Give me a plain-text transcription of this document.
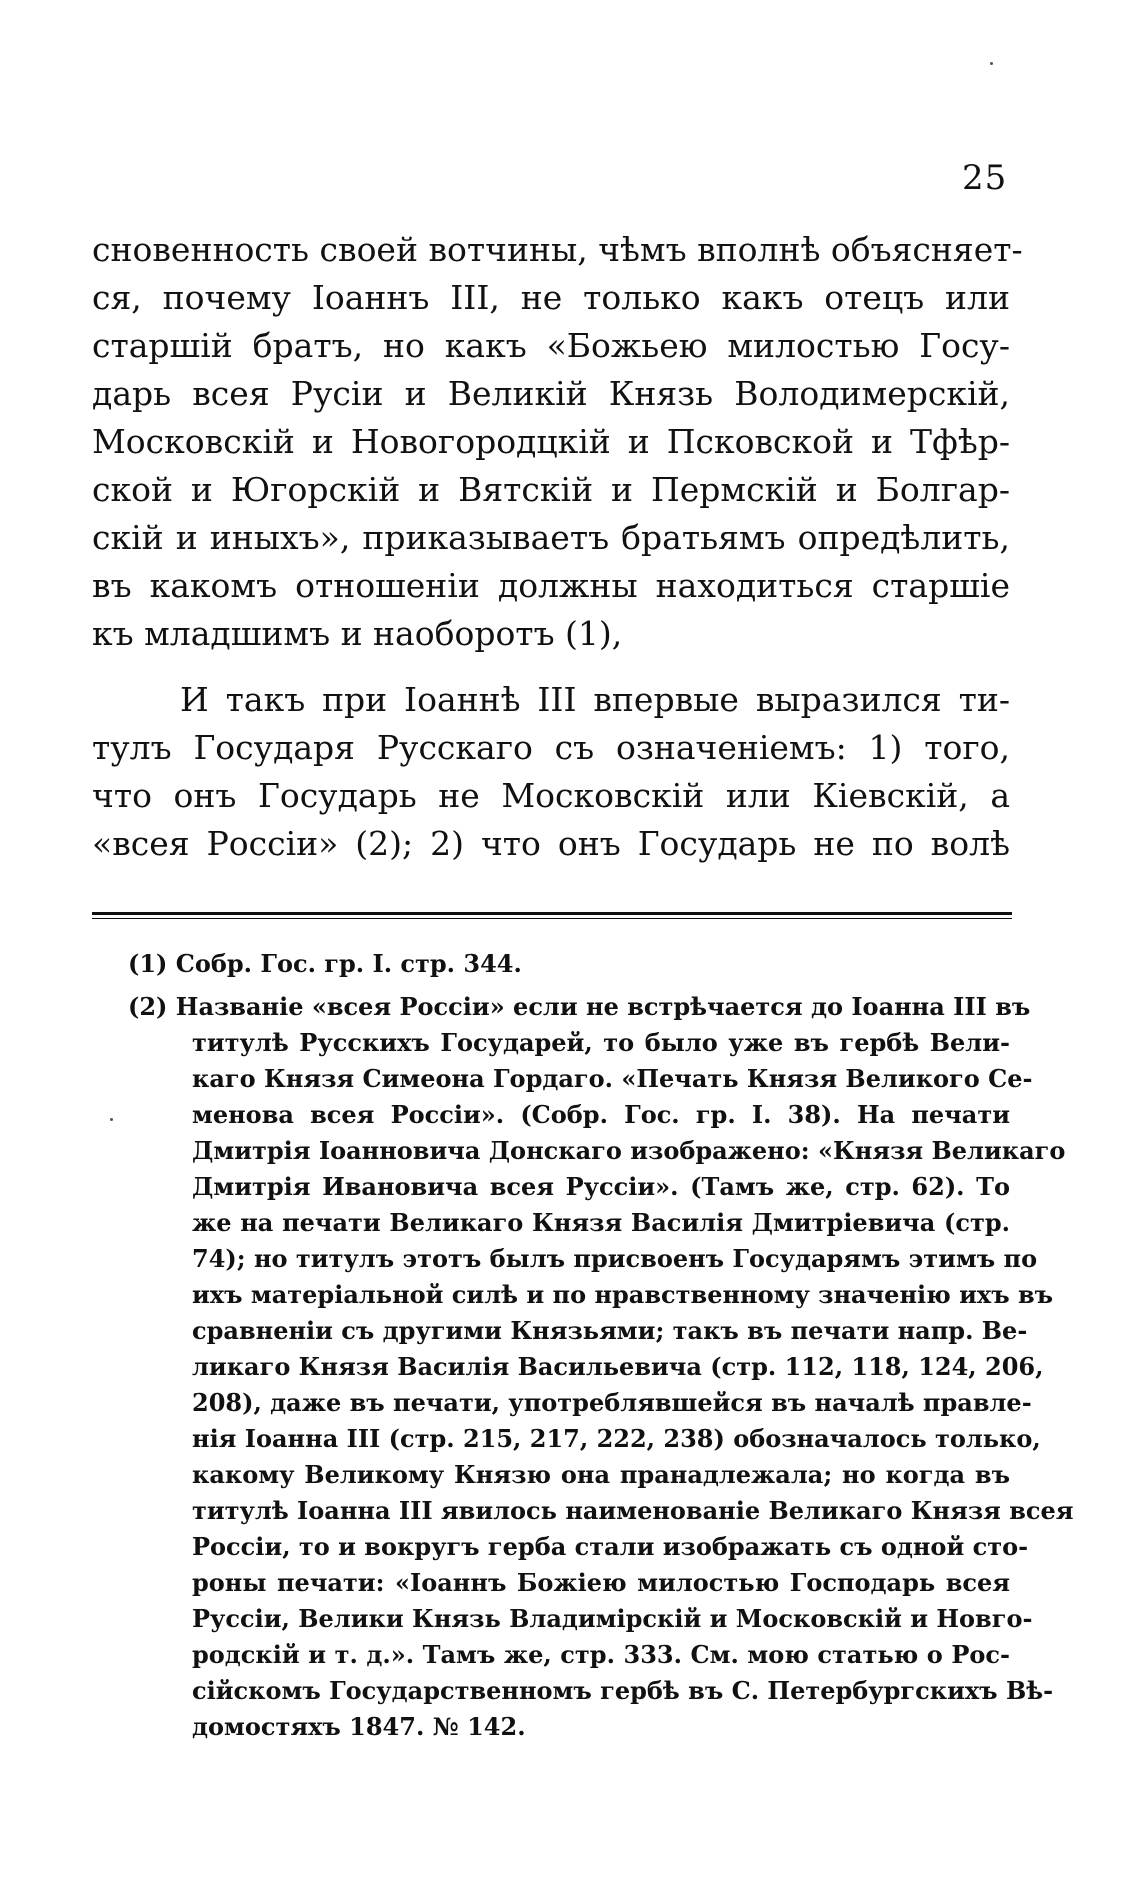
25
сновенность своей вотчины, чѣмъ вполнѣ объясняет-
ся, почему Іоаннъ III, не только какъ отецъ или
старшій братъ, но какъ «Божьею милостью Госу-
дарь всея Русіи и Великій Князь Володимерскій,
Московскій и Новогородцкій и Псковской и Тфѣр-
ской и Югорскій и Вятскій и Пермскій и Болгар-
скій и иныхъ», приказываетъ братьямъ опредѣлить,
въ какомъ отношеніи должны находиться старшіе
къ младшимъ и наоборотъ (1),
И такъ при Іоаннѣ III впервые выразился ти-
тулъ Государя Русскаго съ означеніемъ: 1) того,
что онъ Государь не Московскій или Кіевскій, а
«всея Россіи» (2); 2) что онъ Государь не по волѣ
(1) Собр. Гос. гр. I. стр. 344.
(2) Названіе «всея Россіи» если не встрѣчается до Іоанна III въ
титулѣ Русскихъ Государей, то было уже въ гербѣ Вели-
каго Князя Симеона Гордаго. «Печать Князя Великого Се-
менова всея Россіи». (Собр. Гос. гр. I. 38). На печати
Дмитрія Іоанновича Донскаго изображено: «Князя Великаго
Дмитрія Ивановича всея Руссіи». (Тамъ же, стр. 62). То
же на печати Великаго Князя Василія Дмитріевича (стр.
74); но титулъ этотъ былъ присвоенъ Государямъ этимъ по
ихъ матеріальной силѣ и по нравственному значенію ихъ въ
сравненіи съ другими Князьями; такъ въ печати напр. Ве-
ликаго Князя Василія Васильевича (стр. 112, 118, 124, 206,
208), даже въ печати, употреблявшейся въ началѣ правле-
нія Іоанна III (стр. 215, 217, 222, 238) обозначалось только,
какому Великому Князю она пранадлежала; но когда въ
титулѣ Іоанна III явилось наименованіе Великаго Князя всея
Россіи, то и вокругъ герба стали изображать съ одной сто-
роны печати: «Іоаннъ Божіею милостью Господарь всея
Руссіи, Велики Князь Владимірскій и Московскій и Новго-
родскій и т. д.». Тамъ же, стр. 333. См. мою статью о Рос-
сійскомъ Государственномъ гербѣ въ С. Петербургскихъ Вѣ-
домостяхъ 1847. № 142.
